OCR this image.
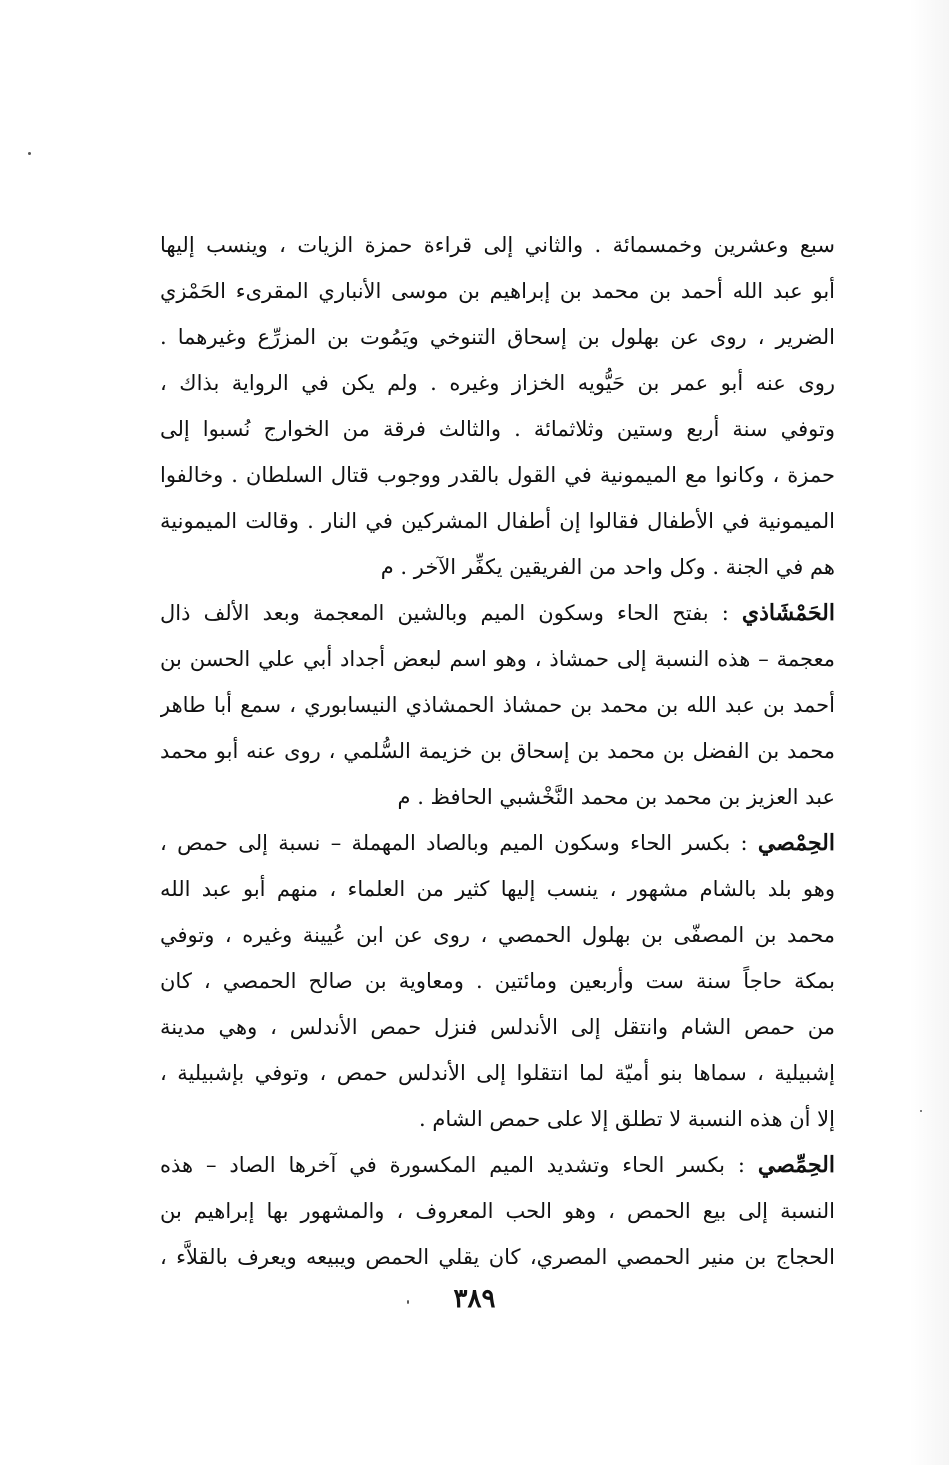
سبع وعشرين وخمسمائة . والثاني إلى قراءة حمزة الزيات ، وينسب إليها
أبو عبد الله أحمد بن محمد بن إبراهيم بن موسى الأنباري المقرىء الحَمْزي
الضرير ، روى عن بهلول بن إسحاق التنوخي ويَمُوت بن المزرِّع وغيرهما .
روى عنه أبو عمر بن حَيُّويه الخزاز وغيره . ولم يكن في الرواية بذاك ،
وتوفي سنة أربع وستين وثلاثمائة . والثالث فرقة من الخوارج نُسبوا إلى
حمزة ، وكانوا مع الميمونية في القول بالقدر ووجوب قتال السلطان . وخالفوا
الميمونية في الأطفال فقالوا إن أطفال المشركين في النار . وقالت الميمونية
هم في الجنة . وكل واحد من الفريقين يكفِّر الآخر . م
الحَمْشَاذي : بفتح الحاء وسكون الميم وبالشين المعجمة وبعد الألف ذال
معجمة – هذه النسبة إلى حمشاذ ، وهو اسم لبعض أجداد أبي علي الحسن بن
أحمد بن عبد الله بن محمد بن حمشاذ الحمشاذي النيسابوري ، سمع أبا طاهر
محمد بن الفضل بن محمد بن إسحاق بن خزيمة السُّلمي ، روى عنه أبو محمد
عبد العزيز بن محمد بن محمد النَّخْشبي الحافظ . م
الحِمْصي : بكسر الحاء وسكون الميم وبالصاد المهملة – نسبة إلى حمص ،
وهو بلد بالشام مشهور ، ينسب إليها كثير من العلماء ، منهم أبو عبد الله
محمد بن المصفّى بن بهلول الحمصي ، روى عن ابن عُيينة وغيره ، وتوفي
بمكة حاجاً سنة ست وأربعين ومائتين . ومعاوية بن صالح الحمصي ، كان
من حمص الشام وانتقل إلى الأندلس فنزل حمص الأندلس ، وهي مدينة
إشبيلية ، سماها بنو أميّة لما انتقلوا إلى الأندلس حمص ، وتوفي بإشبيلية ،
إلا أن هذه النسبة لا تطلق إلا على حمص الشام .
الحِمِّصي : بكسر الحاء وتشديد الميم المكسورة في آخرها الصاد – هذه
النسبة إلى بيع الحمص ، وهو الحب المعروف ، والمشهور بها إبراهيم بن
الحجاج بن منير الحمصي المصري، كان يقلي الحمص ويبيعه ويعرف بالقلاَّء ،
٣٨٩
